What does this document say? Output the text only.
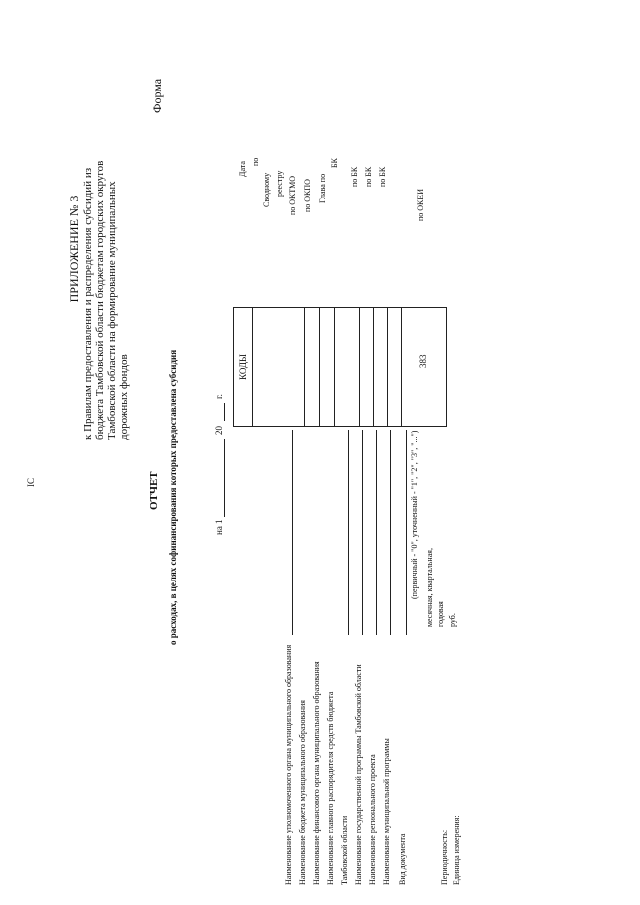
IC
ПРИЛОЖЕНИЕ № 3 к Правилам предоставления и распределения субсидий из бюджета Тамбовской области бюджетам городских округов Тамбовской области на формирование муниципальных дорожных фондов
Форма
ОТЧЕТ о расходах, в целях софинансирования которых предоставлена субсидия	на 1
20
г.
Наименование уполномоченного органа муниципального образования Наименование бюджета муниципального образования Наименование финансового органа муниципального образования Наименование главного распорядителя средств бюджета Тамбовской области Наименование государственной программы Тамбовской области Наименование регионального проекта Наименование муниципальной программы Вид документа
(первичный - "0", уточненный - "1", "2", "3", "...")
Периодичность:
месячная, квартальная, годовая
Единица измерения:
руб.
Дата по
Сводному реестру по ОКТМО по ОКПО Глава по
БК
по БК по БК по БК
по ОКЕИ
КОДЫ	383
